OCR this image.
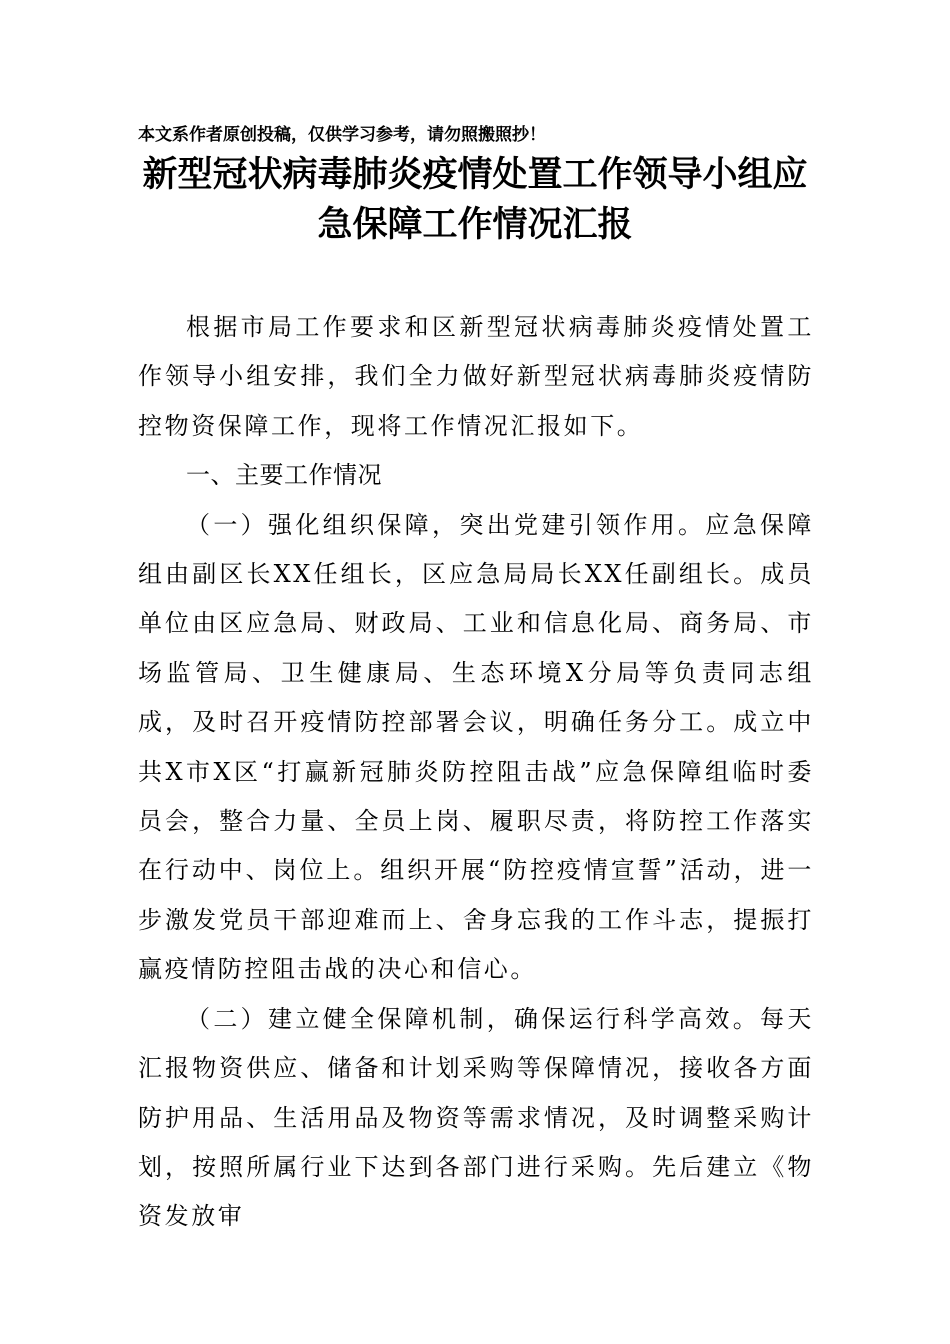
本文系作者原创投稿，仅供学习参考，请勿照搬照抄！
新型冠状病毒肺炎疫情处置工作领导小组应
急保障工作情况汇报

根据市局工作要求和区新型冠状病毒肺炎疫情处置工作领导小组安排，我们全力做好新型冠状病毒肺炎疫情防控物资保障工作，现将工作情况汇报如下。

一、主要工作情况

（一）强化组织保障，突出党建引领作用。应急保障组由副区长XX任组长，区应急局局长XX任副组长。成员单位由区应急局、财政局、工业和信息化局、商务局、市场监管局、卫生健康局、生态环境X分局等负责同志组成，及时召开疫情防控部署会议，明确任务分工。成立中共X市X区“打赢新冠肺炎防控阻击战”应急保障组临时委员会，整合力量、全员上岗、履职尽责，将防控工作落实在行动中、岗位上。组织开展“防控疫情宣誓”活动，进一步激发党员干部迎难而上、舍身忘我的工作斗志，提振打赢疫情防控阻击战的决心和信心。

（二）建立健全保障机制，确保运行科学高效。每天汇报物资供应、储备和计划采购等保障情况，接收各方面防护用品、生活用品及物资等需求情况，及时调整采购计划，按照所属行业下达到各部门进行采购。先后建立《物资发放审
